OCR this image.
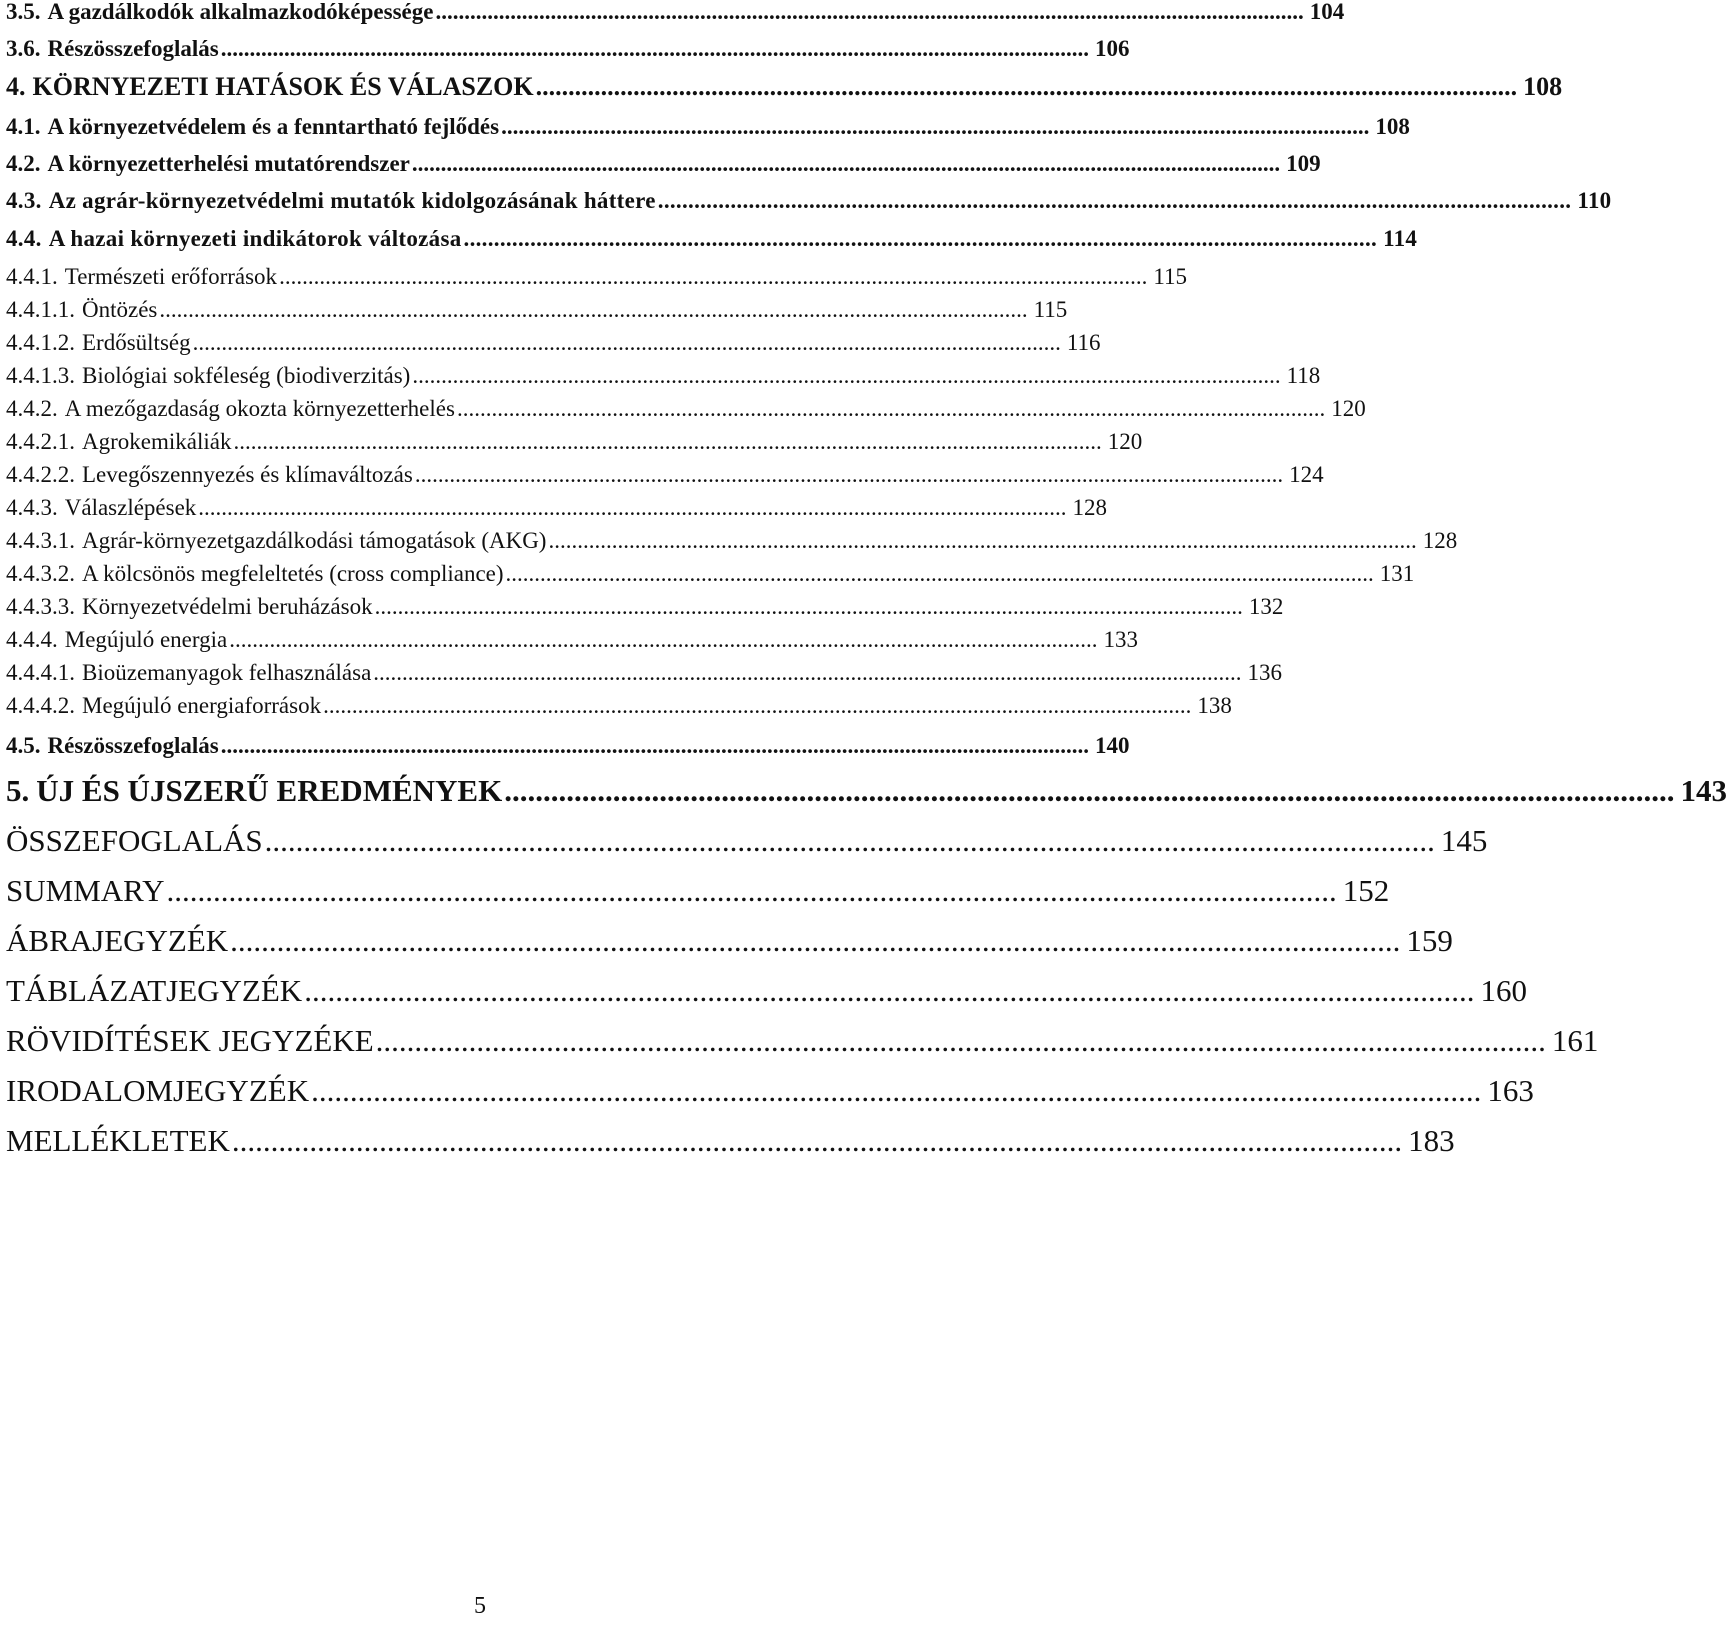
3.5. A gazdálkodók alkalmazkodóképessége ....................................................................................................................................................... 104
3.6. Részösszefoglalás ....................................................................................................................................................... 106
4. KÖRNYEZETI HATÁSOK ÉS VÁLASZOK ....................................................................................................................................................... 108
4.1. A környezetvédelem és a fenntartható fejlődés ....................................................................................................................................................... 108
4.2. A környezetterhelési mutatórendszer ....................................................................................................................................................... 109
4.3. Az agrár-környezetvédelmi mutatók kidolgozásának háttere ....................................................................................................................................................... 110
4.4. A hazai környezeti indikátorok változása ....................................................................................................................................................... 114
4.4.1. Természeti erőforrások ....................................................................................................................................................... 115
4.4.1.1. Öntözés ....................................................................................................................................................... 115
4.4.1.2. Erdősültség ....................................................................................................................................................... 116
4.4.1.3. Biológiai sokféleség (biodiverzitás) ....................................................................................................................................................... 118
4.4.2. A mezőgazdaság okozta környezetterhelés ....................................................................................................................................................... 120
4.4.2.1. Agrokemikáliák ....................................................................................................................................................... 120
4.4.2.2. Levegőszennyezés és klímaváltozás ....................................................................................................................................................... 124
4.4.3. Válaszlépések ....................................................................................................................................................... 128
4.4.3.1. Agrár-környezetgazdálkodási támogatások (AKG) ....................................................................................................................................................... 128
4.4.3.2. A kölcsönös megfeleltetés (cross compliance) ....................................................................................................................................................... 131
4.4.3.3. Környezetvédelmi beruházások ....................................................................................................................................................... 132
4.4.4. Megújuló energia ....................................................................................................................................................... 133
4.4.4.1. Bioüzemanyagok felhasználása ....................................................................................................................................................... 136
4.4.4.2. Megújuló energiaforrások ....................................................................................................................................................... 138
4.5. Részösszefoglalás ....................................................................................................................................................... 140
5. ÚJ ÉS ÚJSZERŰ EREDMÉNYEK ....................................................................................................................................................... 143
ÖSSZEFOGLALÁS ....................................................................................................................................................... 145
SUMMARY ....................................................................................................................................................... 152
ÁBRAJEGYZÉK ....................................................................................................................................................... 159
TÁBLÁZATJEGYZÉK ....................................................................................................................................................... 160
RÖVIDÍTÉSEK JEGYZÉKE ....................................................................................................................................................... 161
IRODALOMJEGYZÉK ....................................................................................................................................................... 163
MELLÉKLETEK ....................................................................................................................................................... 183
5
